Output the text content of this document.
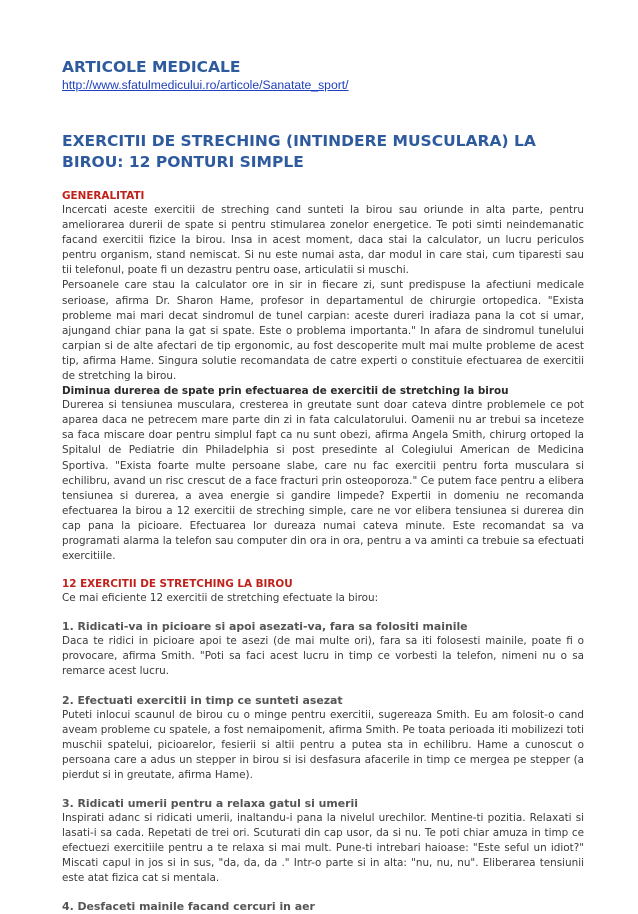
ARTICOLE MEDICALE
http://www.sfatulmedicului.ro/articole/Sanatate_sport/
EXERCITII DE STRECHING (INTINDERE MUSCULARA) LA BIROU: 12 PONTURI SIMPLE
GENERALITATI

Incercati aceste exercitii de streching cand sunteti la birou sau oriunde in alta parte, pentru ameliorarea durerii de spate si pentru stimularea zonelor energetice. Te poti simti neindemanatic facand exercitii fizice la birou. Insa in acest moment, daca stai la calculator, un lucru periculos pentru organism, stand nemiscat. Si nu este numai asta, dar modul in care stai, cum tiparesti sau tii telefonul, poate fi un dezastru pentru oase, articulatii si muschi.

Persoanele care stau la calculator ore in sir in fiecare zi, sunt predispuse la afectiuni medicale serioase, afirma Dr. Sharon Hame, profesor in departamentul de chirurgie ortopedica. "Exista probleme mai mari decat sindromul de tunel carpian: aceste dureri iradiaza pana la cot si umar, ajungand chiar pana la gat si spate. Este o problema importanta." In afara de sindromul tunelului carpian si de alte afectari de tip ergonomic, au fost descoperite mult mai multe probleme de acest tip, afirma Hame. Singura solutie recomandata de catre experti o constituie efectuarea de exercitii de stretching la birou.

Diminua durerea de spate prin efectuarea de exercitii de stretching la birou

Durerea si tensiunea musculara, cresterea in greutate sunt doar cateva dintre problemele ce pot aparea daca ne petrecem mare parte din zi in fata calculatorului. Oamenii nu ar trebui sa inceteze sa faca miscare doar pentru simplul fapt ca nu sunt obezi, afirma Angela Smith, chirurg ortoped la Spitalul de Pediatrie din Philadelphia si post presedinte al Colegiului American de Medicina Sportiva. "Exista foarte multe persoane slabe, care nu fac exercitii pentru forta musculara si echilibru, avand un risc crescut de a face fracturi prin osteoporoza." Ce putem face pentru a elibera tensiunea si durerea, a avea energie si gandire limpede? Expertii in domeniu ne recomanda efectuarea la birou a 12 exercitii de streching simple, care ne vor elibera tensiunea si durerea din cap pana la picioare. Efectuarea lor dureaza numai cateva minute. Este recomandat sa va programati alarma la telefon sau computer din ora in ora, pentru a va aminti ca trebuie sa efectuati exercitiile.

12 EXERCITII DE STRETCHING LA BIROU

Ce mai eficiente 12 exercitii de stretching efectuate la birou:

1. Ridicati-va in picioare si apoi asezati-va, fara sa folositi mainile

Daca te ridici in picioare apoi te asezi (de mai multe ori), fara sa iti folosesti mainile, poate fi o provocare, afirma Smith. "Poti sa faci acest lucru in timp ce vorbesti la telefon, nimeni nu o sa remarce acest lucru.

2. Efectuati exercitii in timp ce sunteti asezat

Puteti inlocui scaunul de birou cu o minge pentru exercitii, sugereaza Smith. Eu am folosit-o cand aveam probleme cu spatele, a fost nemaipomenit, afirma Smith. Pe toata perioada iti mobilizezi toti muschii spatelui, picioarelor, fesierii si altii pentru a putea sta in echilibru. Hame a cunoscut o persoana care a adus un stepper in birou si isi desfasura afacerile in timp ce mergea pe stepper (a pierdut si in greutate, afirma Hame).

3. Ridicati umerii pentru a relaxa gatul si umerii

Inspirati adanc si ridicati umerii, inaltandu-i pana la nivelul urechilor. Mentine-ti pozitia. Relaxati si lasati-i sa cada. Repetati de trei ori. Scuturati din cap usor, da si nu. Te poti chiar amuza in timp ce efectuezi exercitiile pentru a te relaxa si mai mult. Pune-ti intrebari haioase: "Este seful un idiot?" Miscati capul in jos si in sus, "da, da, da ." Intr-o parte si in alta: "nu, nu, nu". Eliberarea tensiunii este atat fizica cat si mentala.

4. Desfaceti mainile facand cercuri in aer
